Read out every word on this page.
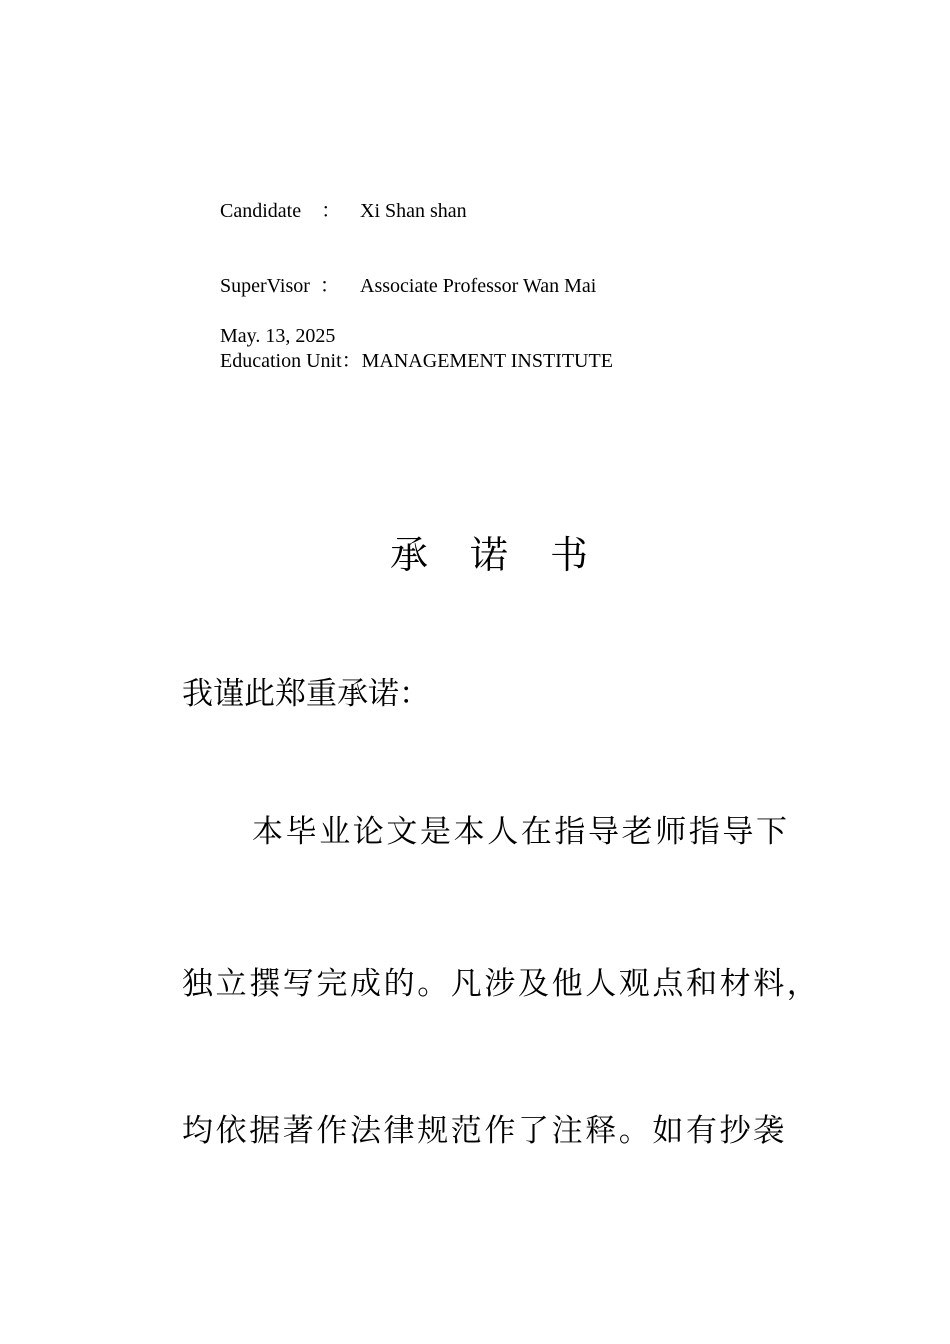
Candidate ： Xi Shan shan

SuperVisor ： Associate Professor Wan Mai

Education Unit：MANAGEMENT INSTITUTE

May. 13, 2025
承诺书
我谨此郑重承诺：
本毕业论文是本人在指导老师指导下
独立撰写完成的。凡涉及他人观点和材料，
均依据著作法律规范作了注释。如有抄袭
